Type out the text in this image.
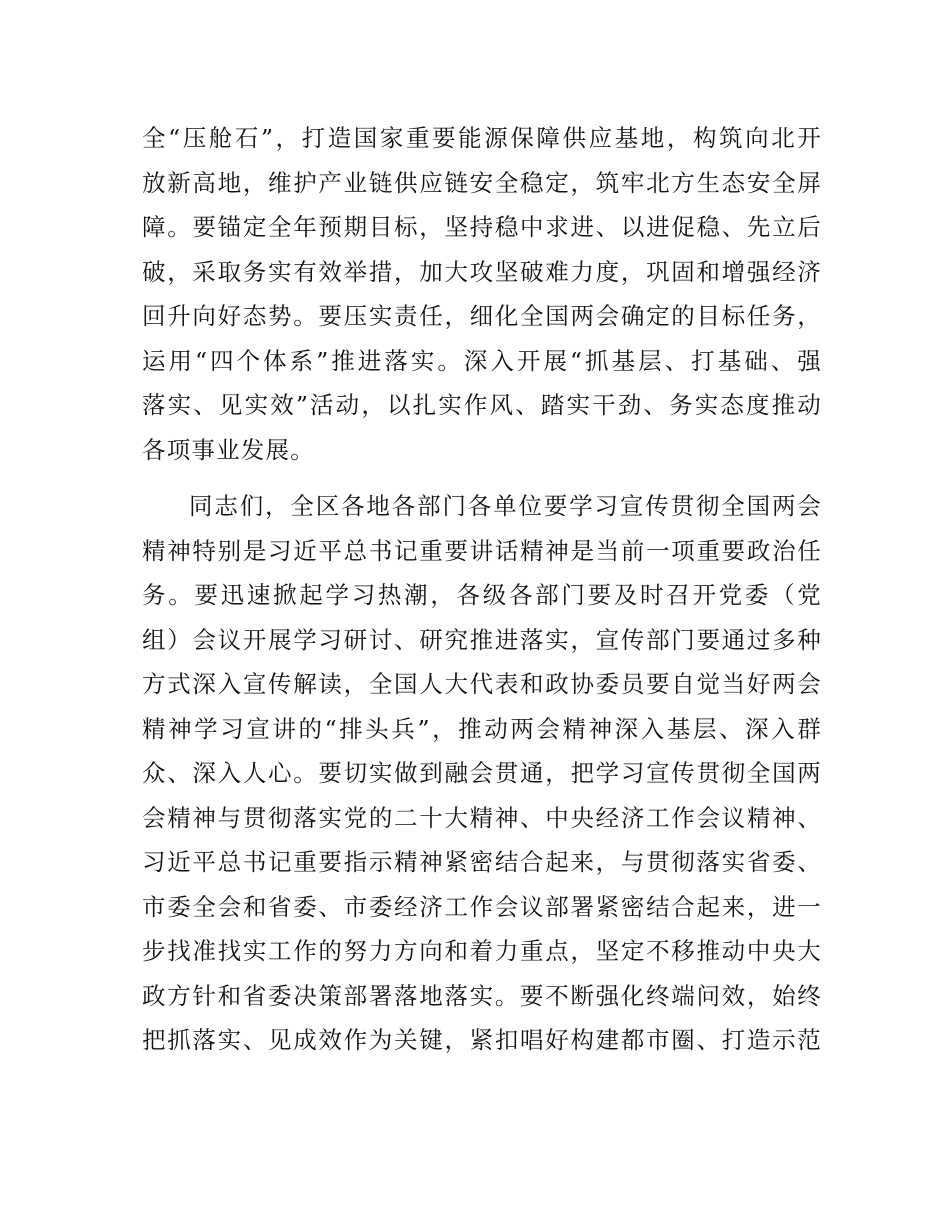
全“压舱石”，打造国家重要能源保障供应基地，构筑向北开
放新高地，维护产业链供应链安全稳定，筑牢北方生态安全屏
障。要锚定全年预期目标，坚持稳中求进、以进促稳、先立后
破，采取务实有效举措，加大攻坚破难力度，巩固和增强经济
回升向好态势。要压实责任，细化全国两会确定的目标任务，
运用“四个体系”推进落实。深入开展“抓基层、打基础、强
落实、见实效”活动，以扎实作风、踏实干劲、务实态度推动
各项事业发展。
同志们，全区各地各部门各单位要学习宣传贯彻全国两会
精神特别是习近平总书记重要讲话精神是当前一项重要政治任
务。要迅速掀起学习热潮，各级各部门要及时召开党委（党
组）会议开展学习研讨、研究推进落实，宣传部门要通过多种
方式深入宣传解读，全国人大代表和政协委员要自觉当好两会
精神学习宣讲的“排头兵”，推动两会精神深入基层、深入群
众、深入人心。要切实做到融会贯通，把学习宣传贯彻全国两
会精神与贯彻落实党的二十大精神、中央经济工作会议精神、
习近平总书记重要指示精神紧密结合起来，与贯彻落实省委、
市委全会和省委、市委经济工作会议部署紧密结合起来，进一
步找准找实工作的努力方向和着力重点，坚定不移推动中央大
政方针和省委决策部署落地落实。要不断强化终端问效，始终
把抓落实、见成效作为关键，紧扣唱好构建都市圈、打造示范
